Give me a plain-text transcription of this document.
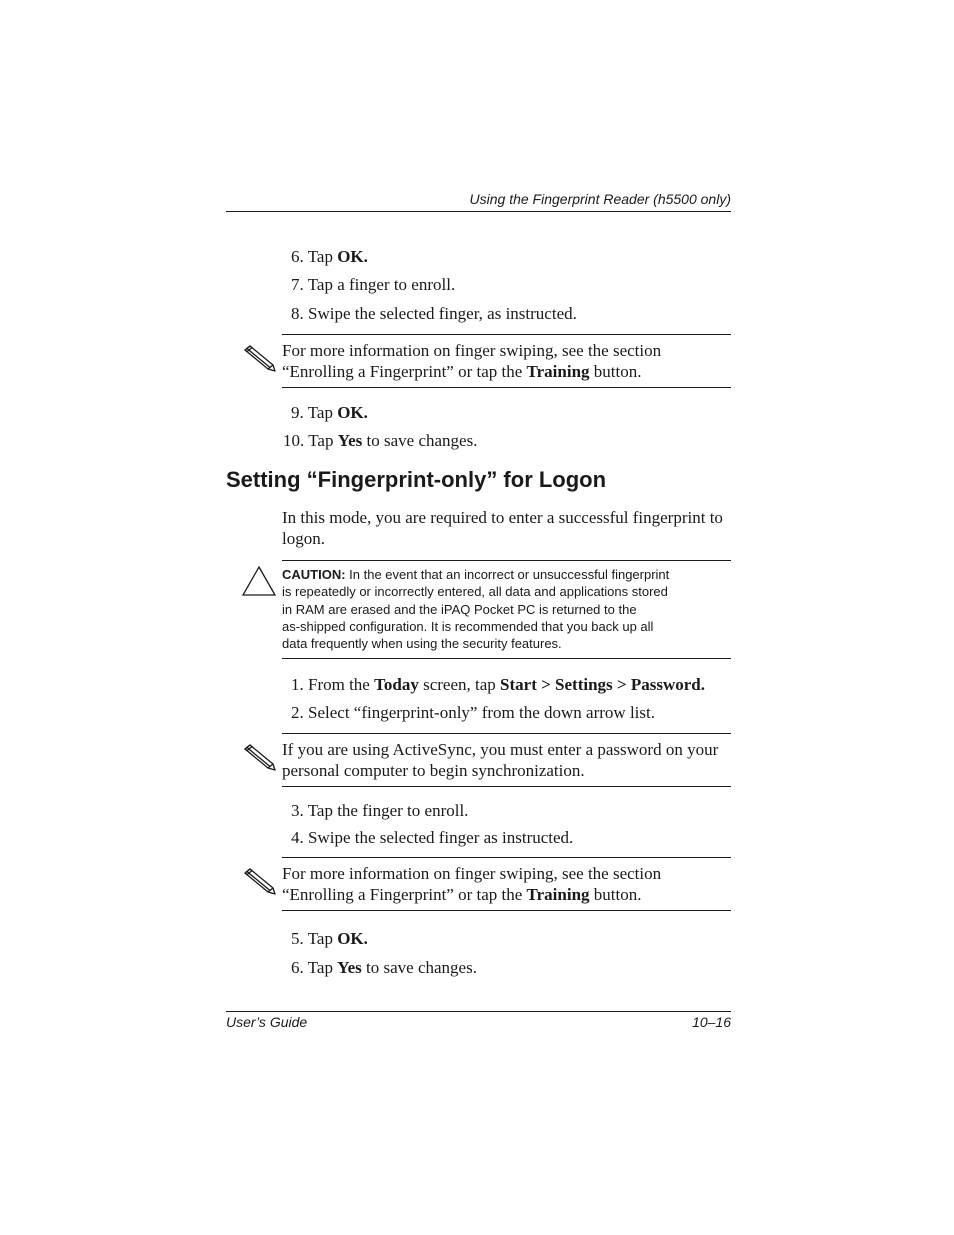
Using the Fingerprint Reader (h5500 only)
6. Tap OK.
7. Tap a finger to enroll.
8. Swipe the selected finger, as instructed.
For more information on finger swiping, see the section
“Enrolling a Fingerprint” or tap the Training button.
9. Tap OK.
10. Tap Yes to save changes.
Setting “Fingerprint-only” for Logon
In this mode, you are required to enter a successful fingerprint to
logon.
CAUTION: In the event that an incorrect or unsuccessful fingerprint
is repeatedly or incorrectly entered, all data and applications stored
in RAM are erased and the iPAQ Pocket PC is returned to the
as-shipped configuration. It is recommended that you back up all
data frequently when using the security features.
1. From the Today screen, tap Start > Settings > Password.
2. Select “fingerprint-only” from the down arrow list.
If you are using ActiveSync, you must enter a password on your
personal computer to begin synchronization.
3. Tap the finger to enroll.
4. Swipe the selected finger as instructed.
For more information on finger swiping, see the section
“Enrolling a Fingerprint” or tap the Training button.
5. Tap OK.
6. Tap Yes to save changes.
User’s Guide	10–16
